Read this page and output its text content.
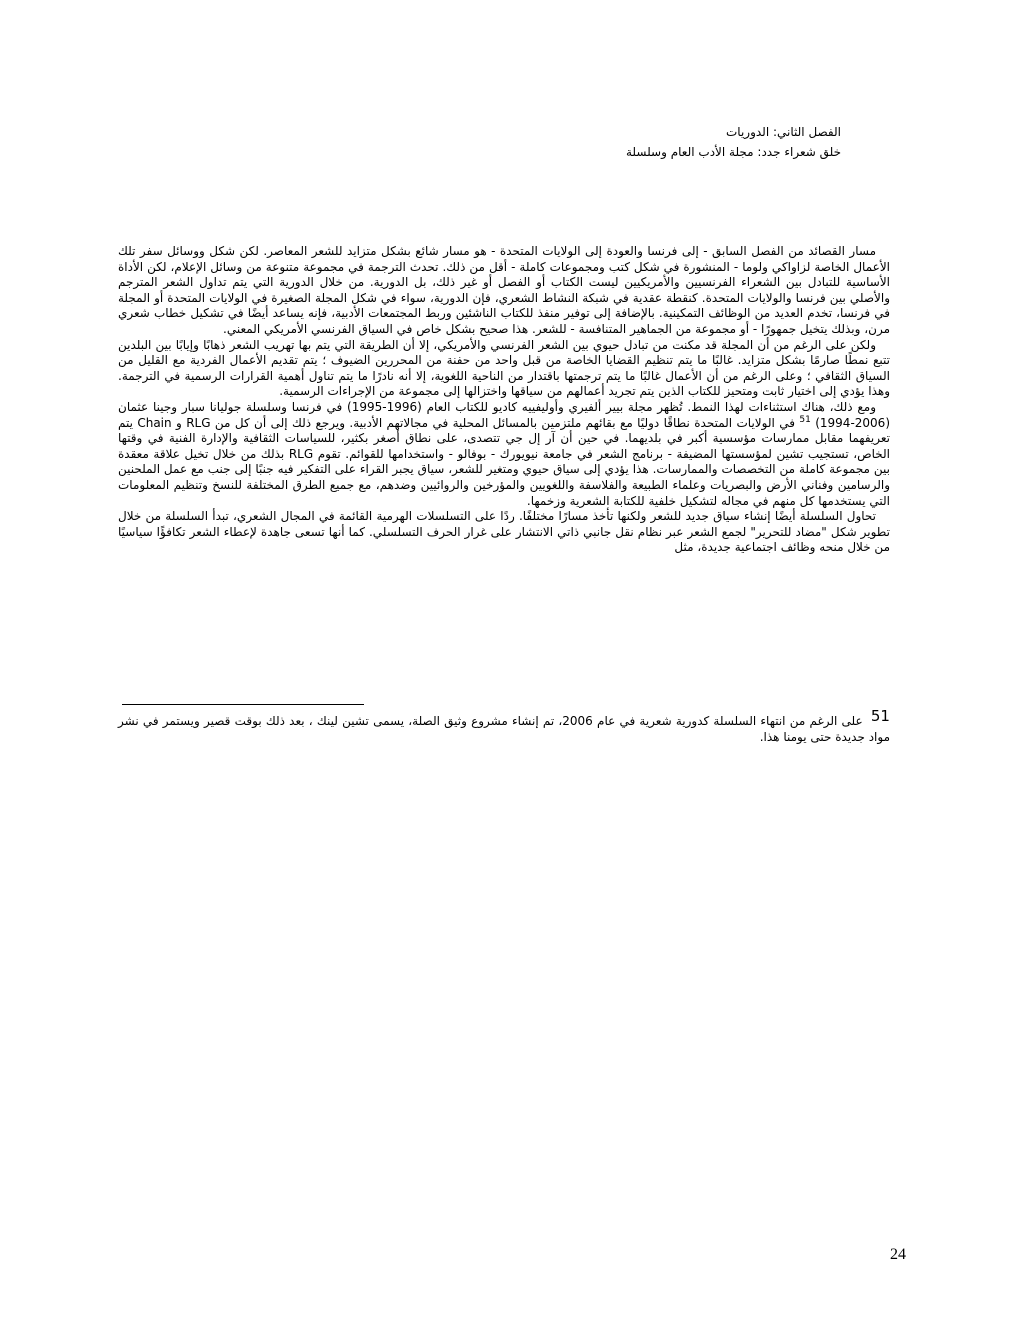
الفصل الثاني: الدوريات
خلق شعراء جدد: مجلة الأدب العام وسلسلة

مسار القصائد من الفصل السابق - إلى فرنسا والعودة إلى الولايات المتحدة - هو مسار شائع بشكل متزايد للشعر المعاصر. لكن شكل ووسائل سفر تلك الأعمال الخاصة لزاواكي ولوما - المنشورة في شكل كتب ومجموعات كاملة - أقل من ذلك. تحدث الترجمة في مجموعة متنوعة من وسائل الإعلام، لكن الأداة الأساسية للتبادل بين الشعراء الفرنسيين والأمريكيين ليست الكتاب أو الفصل أو غير ذلك، بل الدورية. من خلال الدورية التي يتم تداول الشعر المترجم والأصلي بين فرنسا والولايات المتحدة. كنقطة عقدية في شبكة النشاط الشعري، فإن الدورية، سواء في شكل المجلة الصغيرة في الولايات المتحدة أو المجلة في فرنسا، تخدم العديد من الوظائف التمكينية. بالإضافة إلى توفير منفذ للكتاب الناشئين وربط المجتمعات الأدبية، فإنه يساعد أيضًا في تشكيل خطاب شعري مرن، وبذلك يتخيل جمهورًا - أو مجموعة من الجماهير المتنافسة - للشعر. هذا صحيح بشكل خاص في السياق الفرنسي الأمريكي المعني.

ولكن على الرغم من أن المجلة قد مكنت من تبادل حيوي بين الشعر الفرنسي والأمريكي، إلا أن الطريقة التي يتم بها تهريب الشعر ذهابًا وإيابًا بين البلدين تتبع نمطًا صارمًا بشكل متزايد. غالبًا ما يتم تنظيم القضايا الخاصة من قبل واحد من حفنة من المحررين الضيوف ؛ يتم تقديم الأعمال الفردية مع القليل من السياق الثقافي ؛ وعلى الرغم من أن الأعمال غالبًا ما يتم ترجمتها باقتدار من الناحية اللغوية، إلا أنه نادرًا ما يتم تناول أهمية القرارات الرسمية في الترجمة. وهذا يؤدي إلى اختيار ثابت ومتحيز للكتاب الذين يتم تجريد أعمالهم من سياقها واختزالها إلى مجموعة من الإجراءات الرسمية.

ومع ذلك، هناك استثناءات لهذا النمط. تُظهر مجلة بيير ألفيري وأوليفييه كاديو للكتاب العام (1996-1995) في فرنسا وسلسلة جوليانا سبار وجينا عثمان (2006-1994) $^{51}$ في الولايات المتحدة نطاقًا دوليًا مع بقائهم ملتزمين بالمسائل المحلية في مجالاتهم الأدبية. ويرجع ذلك إلى أن كل من RLG و Chain يتم تعريفهما مقابل ممارسات مؤسسية أكبر في بلديهما. في حين أن آر إل جي تتصدى، على نطاق أصغر بكثير، للسياسات الثقافية والإدارة الفنية في وقتها الخاص، تستجيب تشين لمؤسستها المضيفة - برنامج الشعر في جامعة نيويورك - بوفالو - واستخدامها للقوائم. تقوم RLG بذلك من خلال تخيل علاقة معقدة بين مجموعة كاملة من التخصصات والممارسات. هذا يؤدي إلى سياق حيوي ومتغير للشعر، سياق يجبر القراء على التفكير فيه جنبًا إلى جنب مع عمل الملحنين والرسامين وفناني الأرض والبصريات وعلماء الطبيعة والفلاسفة واللغويين والمؤرخين والروائيين وضدهم، مع جميع الطرق المختلفة للنسخ وتنظيم المعلومات التي يستخدمها كل منهم في مجاله لتشكيل خلفية للكتابة الشعرية وزخمها.

تحاول السلسلة أيضًا إنشاء سياق جديد للشعر ولكنها تأخذ مسارًا مختلفًا. ردًا على التسلسلات الهرمية القائمة في المجال الشعري، تبدأ السلسلة من خلال تطوير شكل "مضاد للتحرير" لجمع الشعر عبر نظام نقل جانبي ذاتي الانتشار على غرار الحرف التسلسلي. كما أنها تسعى جاهدة لإعطاء الشعر تكافؤًا سياسيًا من خلال منحه وظائف اجتماعية جديدة، مثل

51 على الرغم من انتهاء السلسلة كدورية شعرية في عام 2006، تم إنشاء مشروع وثيق الصلة، يسمى تشين لينك ، بعد ذلك بوقت قصير ويستمر في نشر مواد جديدة حتى يومنا هذا.
24
